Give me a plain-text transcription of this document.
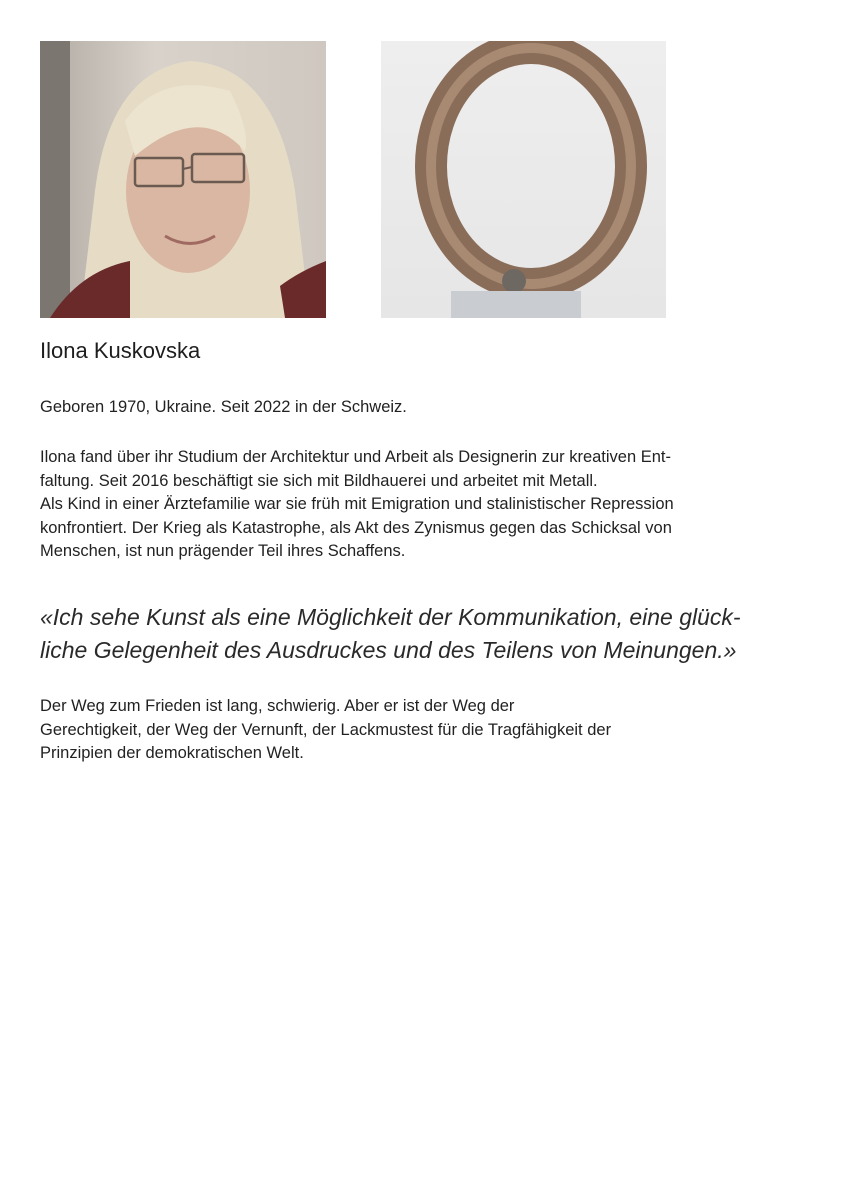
Ilona Kuskovska
Geboren 1970, Ukraine. Seit 2022 in der Schweiz.
Ilona fand über ihr Studium der Architektur und Arbeit als Designerin zur kreativen Ent-
faltung. Seit 2016 beschäftigt sie sich mit Bildhauerei und arbeitet mit Metall.
Als Kind in einer Ärztefamilie war sie früh mit Emigration und stalinistischer Repression
konfrontiert. Der Krieg als Katastrophe, als Akt des Zynismus gegen das Schicksal von
Menschen, ist nun prägender Teil ihres Schaffens.
«Ich sehe Kunst als eine Möglichkeit der Kommunikation, eine glück-
liche Gelegenheit des Ausdruckes und des Teilens von Meinungen.»
Der Weg zum Frieden ist lang, schwierig. Aber er ist der Weg der
Gerechtigkeit, der Weg der Vernunft, der Lackmustest für die Tragfähigkeit der
Prinzipien der demokratischen Welt.
